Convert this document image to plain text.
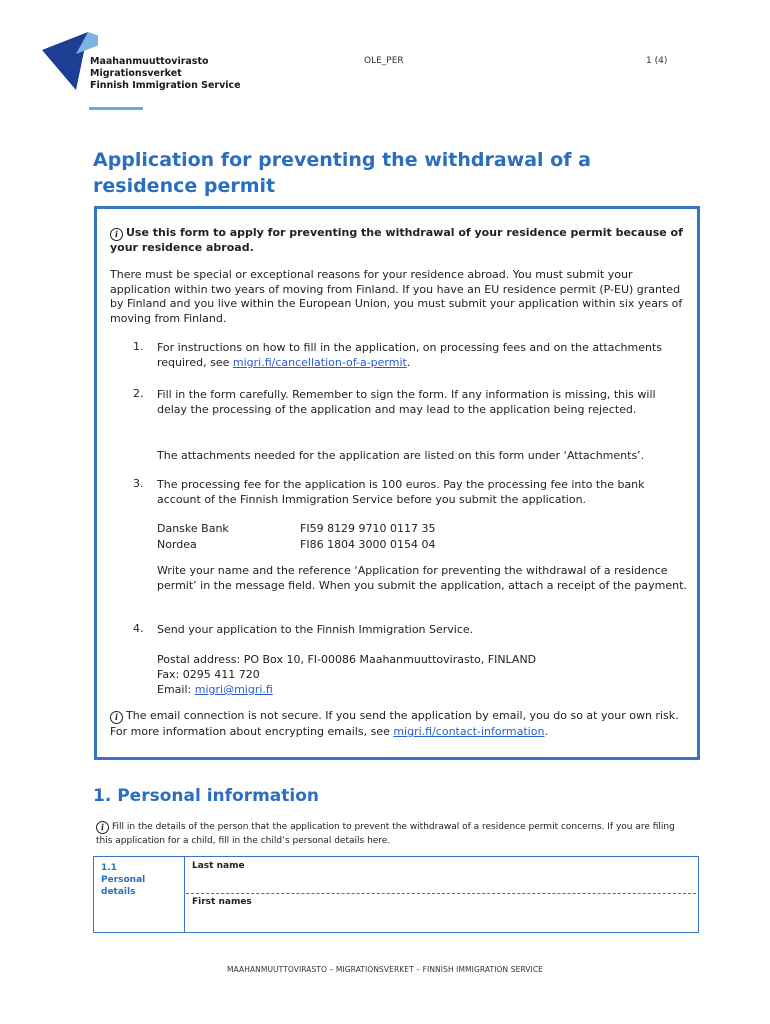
Maahanmuuttovirasto
Migrationsverket
Finnish Immigration Service
OLE_PER	1 (4)
Application for preventing the withdrawal of a residence permit
i Use this form to apply for preventing the withdrawal of your residence permit because of your residence abroad.
There must be special or exceptional reasons for your residence abroad. You must submit your application within two years of moving from Finland. If you have an EU residence permit (P-EU) granted by Finland and you live within the European Union, you must submit your application within six years of moving from Finland.
1. For instructions on how to fill in the application, on processing fees and on the attachments required, see migri.fi/cancellation-of-a-permit.
2. Fill in the form carefully. Remember to sign the form. If any information is missing, this will delay the processing of the application and may lead to the application being rejected.
The attachments needed for the application are listed on this form under ‘Attachments’.
3. The processing fee for the application is 100 euros. Pay the processing fee into the bank account of the Finnish Immigration Service before you submit the application.
Danske Bank	FI59 8129 9710 0117 35
Nordea	FI86 1804 3000 0154 04
Write your name and the reference ‘Application for preventing the withdrawal of a residence permit’ in the message field. When you submit the application, attach a receipt of the payment.
4. Send your application to the Finnish Immigration Service.
Postal address: PO Box 10, FI-00086 Maahanmuuttovirasto, FINLAND
Fax: 0295 411 720
Email: migri@migri.fi
i The email connection is not secure. If you send the application by email, you do so at your own risk. For more information about encrypting emails, see migri.fi/contact-information.
1. Personal information
i Fill in the details of the person that the application to prevent the withdrawal of a residence permit concerns. If you are filing this application for a child, fill in the child’s personal details here.
1.1
Personal
details
Last name
First names
MAAHANMUUTTOVIRASTO – MIGRATIONSVERKET – FINNISH IMMIGRATION SERVICE
